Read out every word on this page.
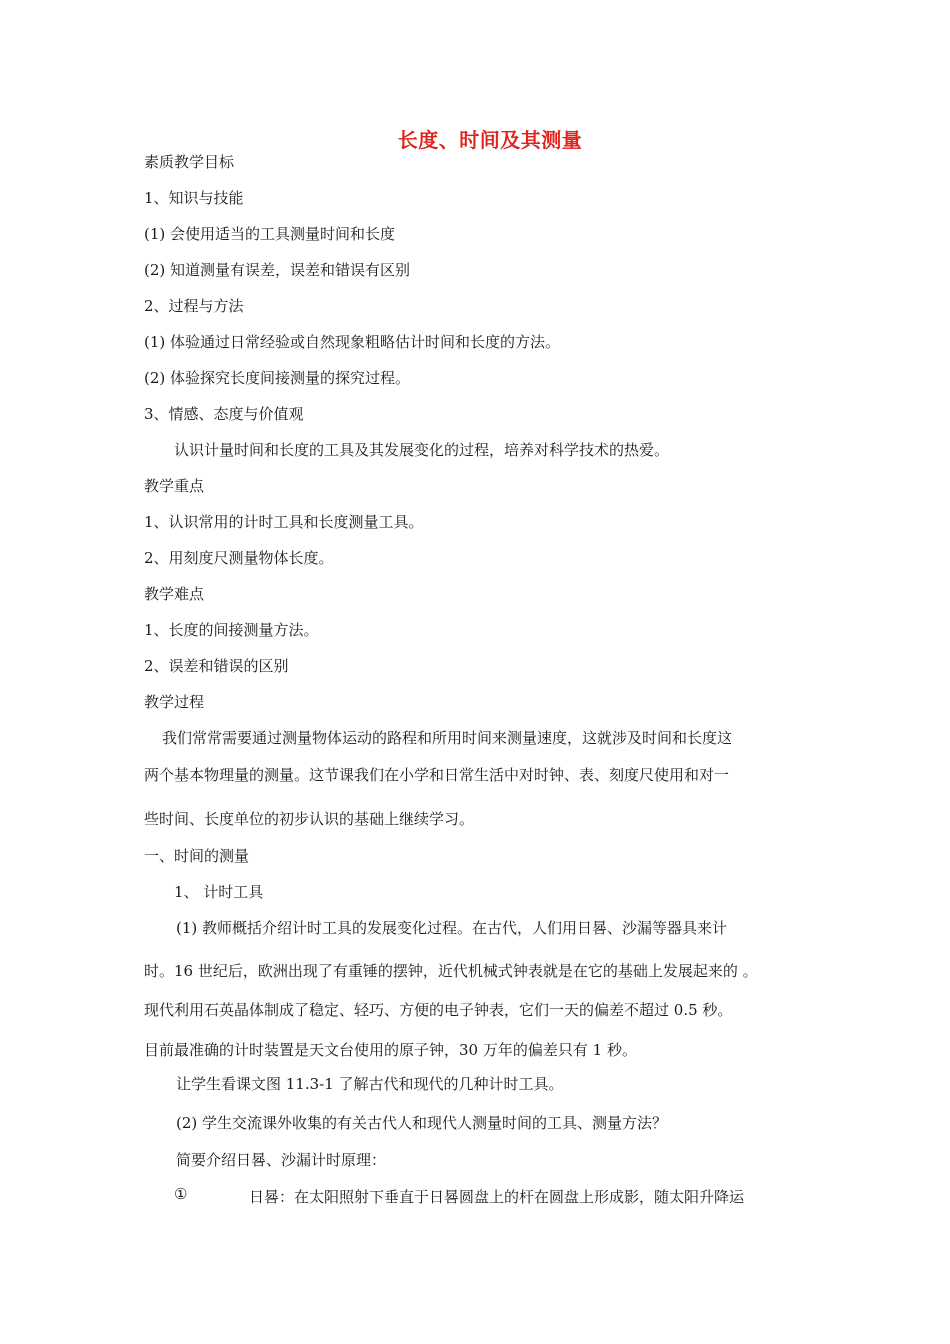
长度、时间及其测量
素质教学目标
1、知识与技能
(1) 会使用适当的工具测量时间和长度
(2) 知道测量有误差，误差和错误有区别
2、过程与方法
(1) 体验通过日常经验或自然现象粗略估计时间和长度的方法。
(2) 体验探究长度间接测量的探究过程。
3、情感、态度与价值观
认识计量时间和长度的工具及其发展变化的过程，培养对科学技术的热爱。
教学重点
1、认识常用的计时工具和长度测量工具。
2、用刻度尺测量物体长度。
教学难点
1、长度的间接测量方法。
2、误差和错误的区别
教学过程
我们常常需要通过测量物体运动的路程和所用时间来测量速度，这就涉及时间和长度这
两个基本物理量的测量。这节课我们在小学和日常生活中对时钟、表、刻度尺使用和对一
些时间、长度单位的初步认识的基础上继续学习。
一、时间的测量
1、 计时工具
(1) 教师概括介绍计时工具的发展变化过程。在古代，人们用日晷、沙漏等器具来计
时。16 世纪后，欧洲出现了有重锤的摆钟，近代机械式钟表就是在它的基础上发展起来的 。
现代利用石英晶体制成了稳定、轻巧、方便的电子钟表，它们一天的偏差不超过 0.5 秒。
目前最准确的计时装置是天文台使用的原子钟，30 万年的偏差只有 1 秒。
让学生看课文图 11.3-1 了解古代和现代的几种计时工具。
(2) 学生交流课外收集的有关古代人和现代人测量时间的工具、测量方法？
简要介绍日晷、沙漏计时原理：
①	日晷：在太阳照射下垂直于日晷圆盘上的杆在圆盘上形成影，随太阳升降运
